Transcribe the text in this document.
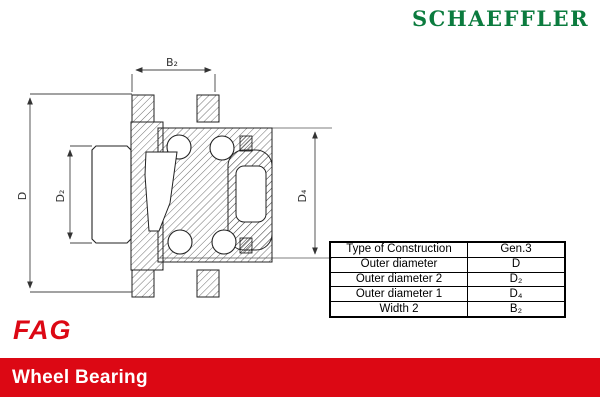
SCHAEFFLER
D D₂
B₂
D₄
Type of Construction	Gen.3
Outer diameter	D
Outer diameter 2	D₂
Outer diameter 1	D₄
Width 2	B₂
FAG
Wheel Bearing
